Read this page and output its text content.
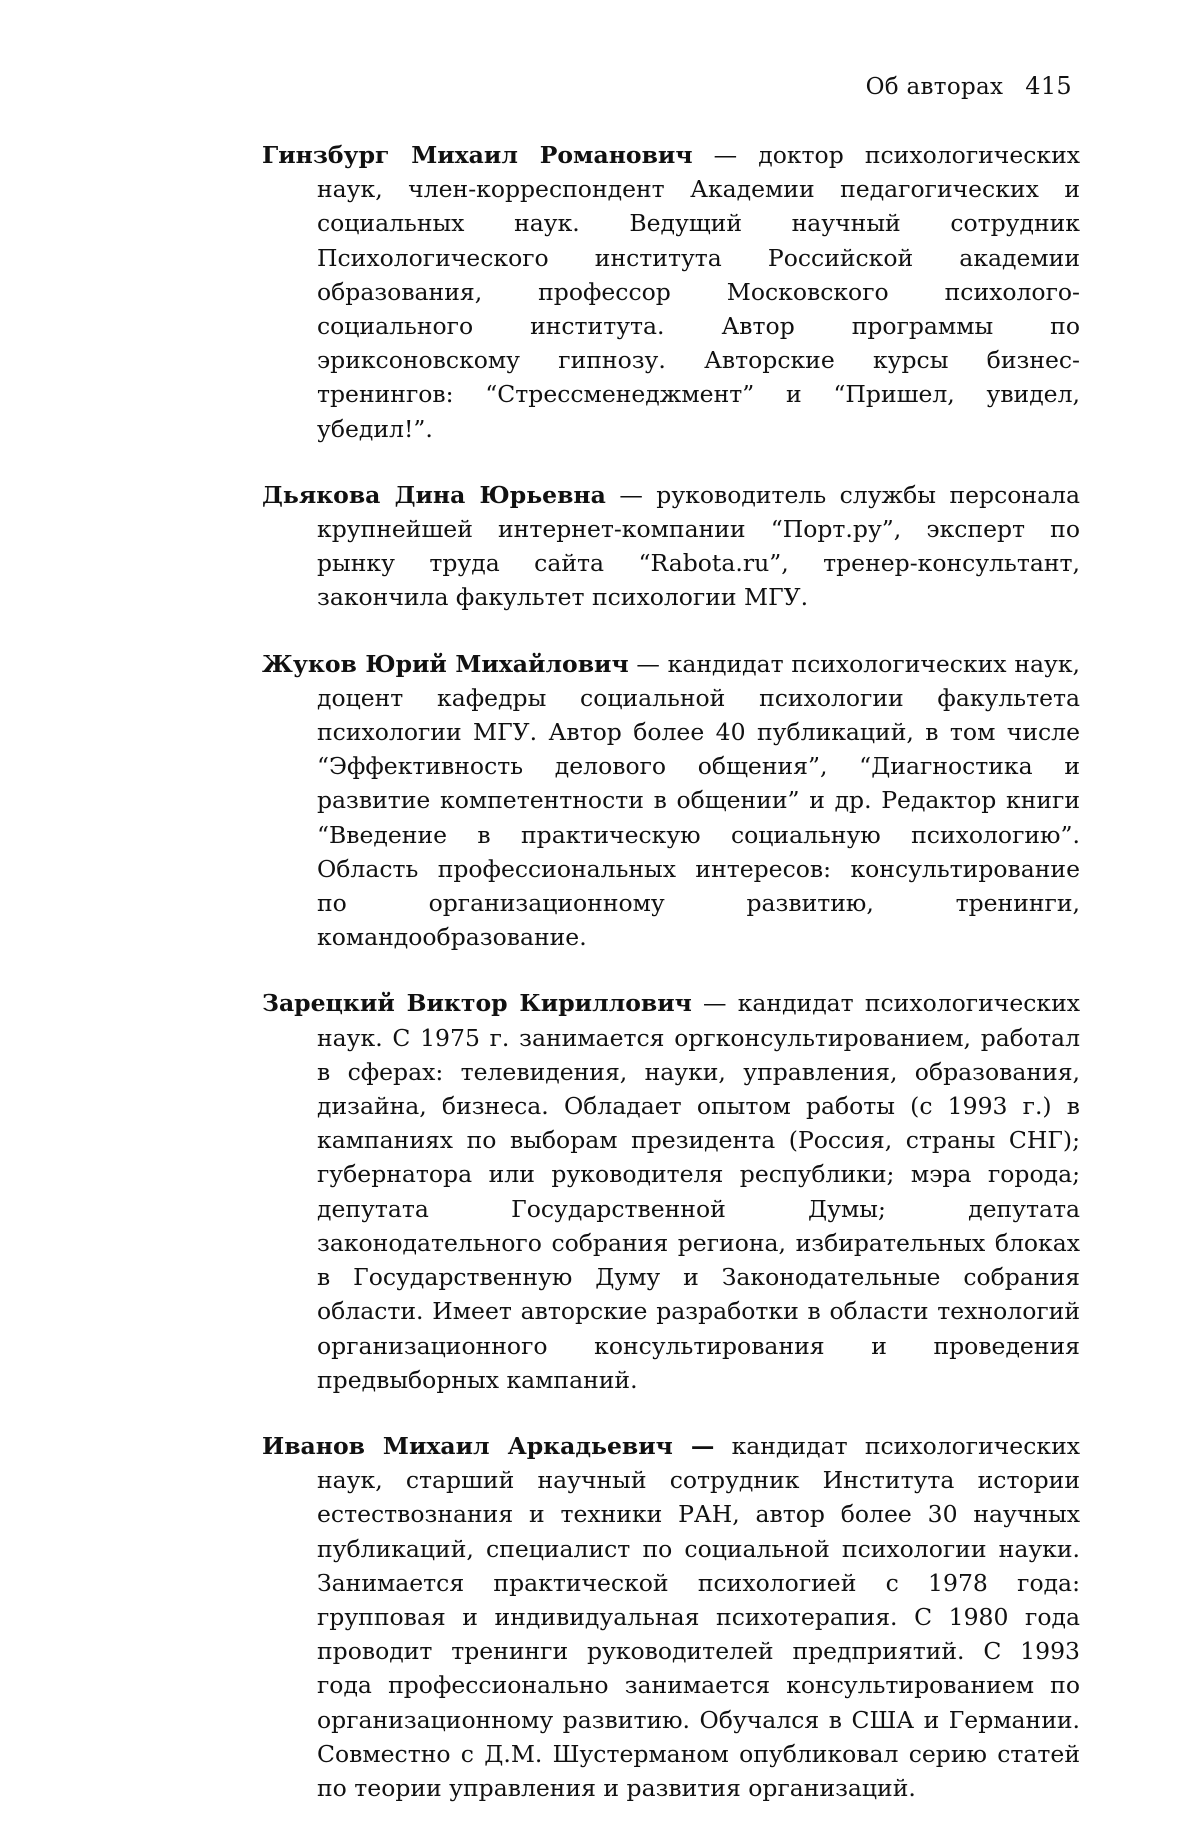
Об авторах 415

Гинзбург Михаил Романович — доктор психологических наук, член-корреспондент Академии педагогических и социальных наук. Ведущий научный сотрудник Психологического института Российской академии образования, профессор Московского психолого-социального института. Автор программы по эриксоновскому гипнозу. Авторские курсы бизнес-тренингов: “Стрессменеджмент” и “Пришел, увидел, убедил!”.

Дьякова Дина Юрьевна — руководитель службы персонала крупнейшей интернет-компании “Порт.ру”, эксперт по рынку труда сайта “Rabota.ru”, тренер-консультант, закончила факультет психологии МГУ.

Жуков Юрий Михайлович — кандидат психологических наук, доцент кафедры социальной психологии факультета психологии МГУ. Автор более 40 публикаций, в том числе “Эффективность делового общения”, “Диагностика и развитие компетентности в общении” и др. Редактор книги “Введение в практическую социальную психологию”. Область профессиональных интересов: консультирование по организационному развитию, тренинги, командообразование.

Зарецкий Виктор Кириллович — кандидат психологических наук. С 1975 г. занимается оргконсультированием, работал в сферах: телевидения, науки, управления, образования, дизайна, бизнеса. Обладает опытом работы (с 1993 г.) в кампаниях по выборам президента (Россия, страны СНГ); губернатора или руководителя республики; мэра города; депутата Государственной Думы; депутата законодательного собрания региона, избирательных блоках в Государственную Думу и Законодательные собрания области. Имеет авторские разработки в области технологий организационного консультирования и проведения предвыборных кампаний.

Иванов Михаил Аркадьевич — кандидат психологических наук, старший научный сотрудник Института истории естествознания и техники РАН, автор более 30 научных публикаций, специалист по социальной психологии науки. Занимается практической психологией с 1978 года: групповая и индивидуальная психотерапия. С 1980 года проводит тренинги руководителей предприятий. С 1993 года профессионально занимается консультированием по организационному развитию. Обучался в США и Германии. Совместно с Д.М. Шустерманом опубликовал серию статей по теории управления и развития организаций.
